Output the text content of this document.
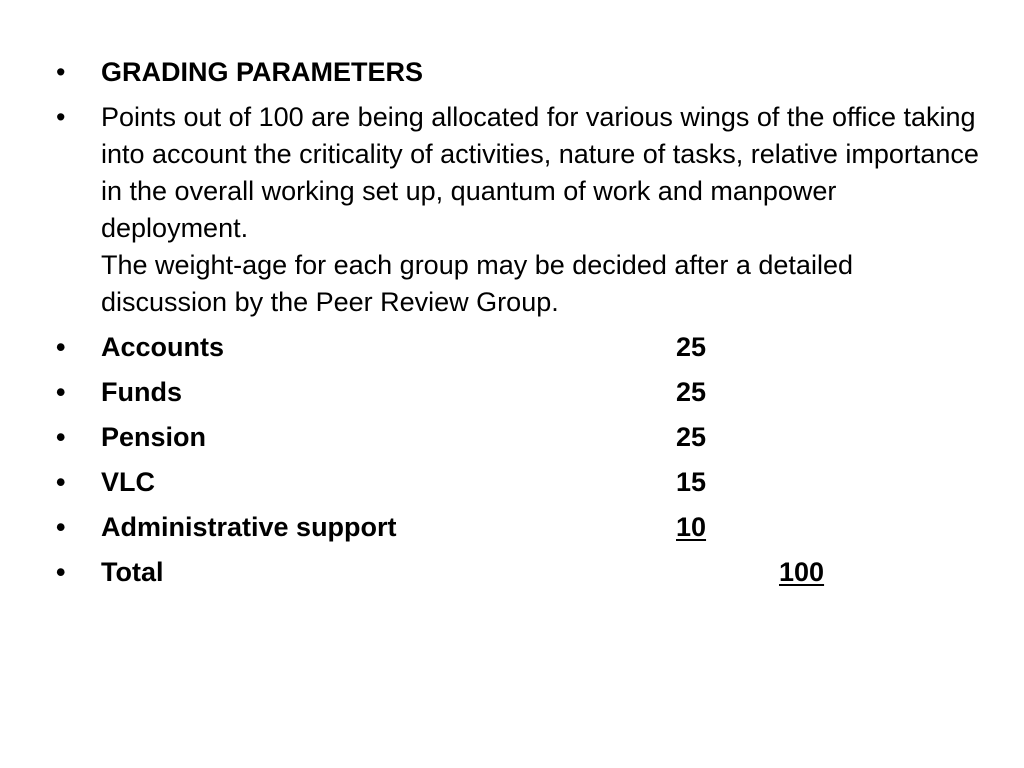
•	GRADING PARAMETERS
•	Points out of 100 are being allocated for various wings of the office taking into account the criticality of activities, nature of tasks, relative importance in the overall working set up, quantum of work and manpower deployment.

The weight-age for each group may be decided after a detailed discussion by the Peer Review Group.

•	Accounts	25
•	Funds	25
•	Pension	25
•	VLC	15
•	Administrative support	10
•	Total	100
